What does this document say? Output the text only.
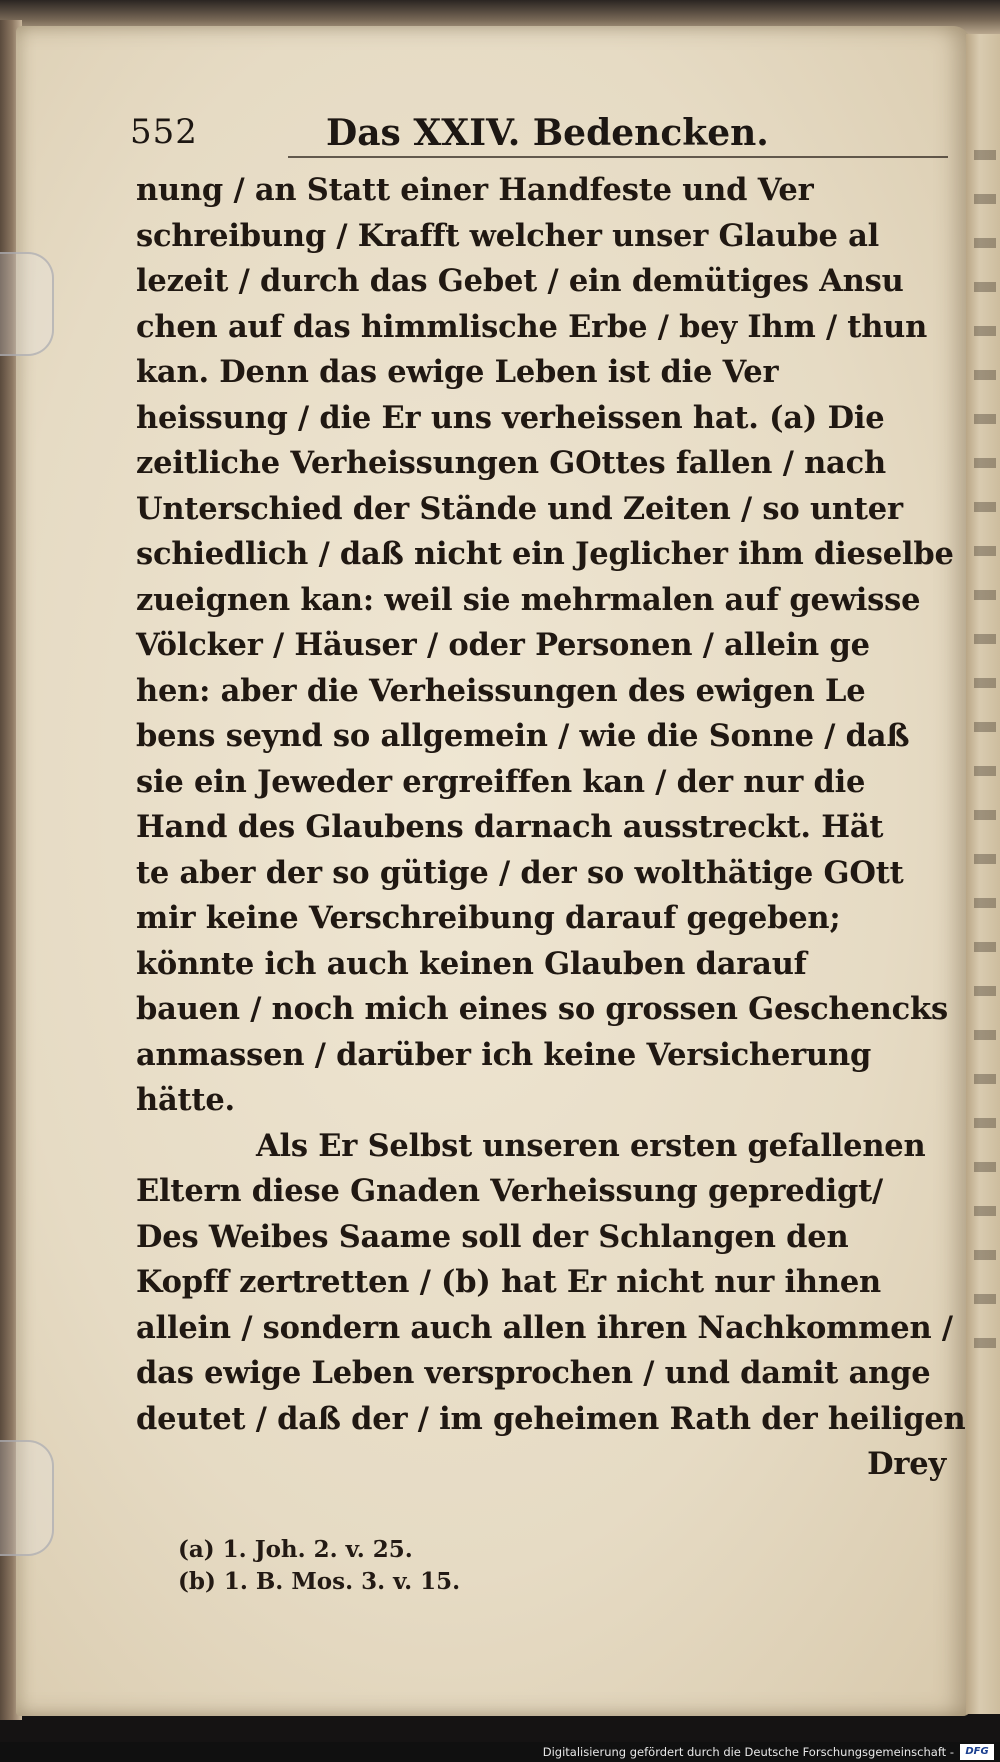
552	Das XXIV. Bedencken.
nung / an Statt einer Handfeste und Ver
schreibung / Krafft welcher unser Glaube al
lezeit / durch das Gebet / ein demütiges Ansu
chen auf das himmlische Erbe / bey Ihm / thun
kan. Denn das ewige Leben ist die Ver
heissung / die Er uns verheissen hat. (a) Die
zeitliche Verheissungen GOttes fallen / nach
Unterschied der Stände und Zeiten / so unter
schiedlich / daß nicht ein Jeglicher ihm dieselbe
zueignen kan: weil sie mehrmalen auf gewisse
Völcker / Häuser / oder Personen / allein ge
hen: aber die Verheissungen des ewigen Le
bens seynd so allgemein / wie die Sonne / daß
sie ein Jeweder ergreiffen kan / der nur die
Hand des Glaubens darnach ausstreckt. Hät
te aber der so gütige / der so wolthätige GOtt
mir keine Verschreibung darauf gegeben;
könnte ich auch keinen Glauben darauf
bauen / noch mich eines so grossen Geschencks
anmassen / darüber ich keine Versicherung
hätte.
Als Er Selbst unseren ersten gefallenen
Eltern diese Gnaden Verheissung gepredigt/
Des Weibes Saame soll der Schlangen den
Kopff zertretten / (b) hat Er nicht nur ihnen
allein / sondern auch allen ihren Nachkommen /
das ewige Leben versprochen / und damit ange
deutet / daß der / im geheimen Rath der heiligen
Drey
(a) 1. Joh. 2. v. 25.
(b) 1. B. Mos. 3. v. 15.
Digitalisierung gefördert durch die Deutsche Forschungsgemeinschaft -	DFG
